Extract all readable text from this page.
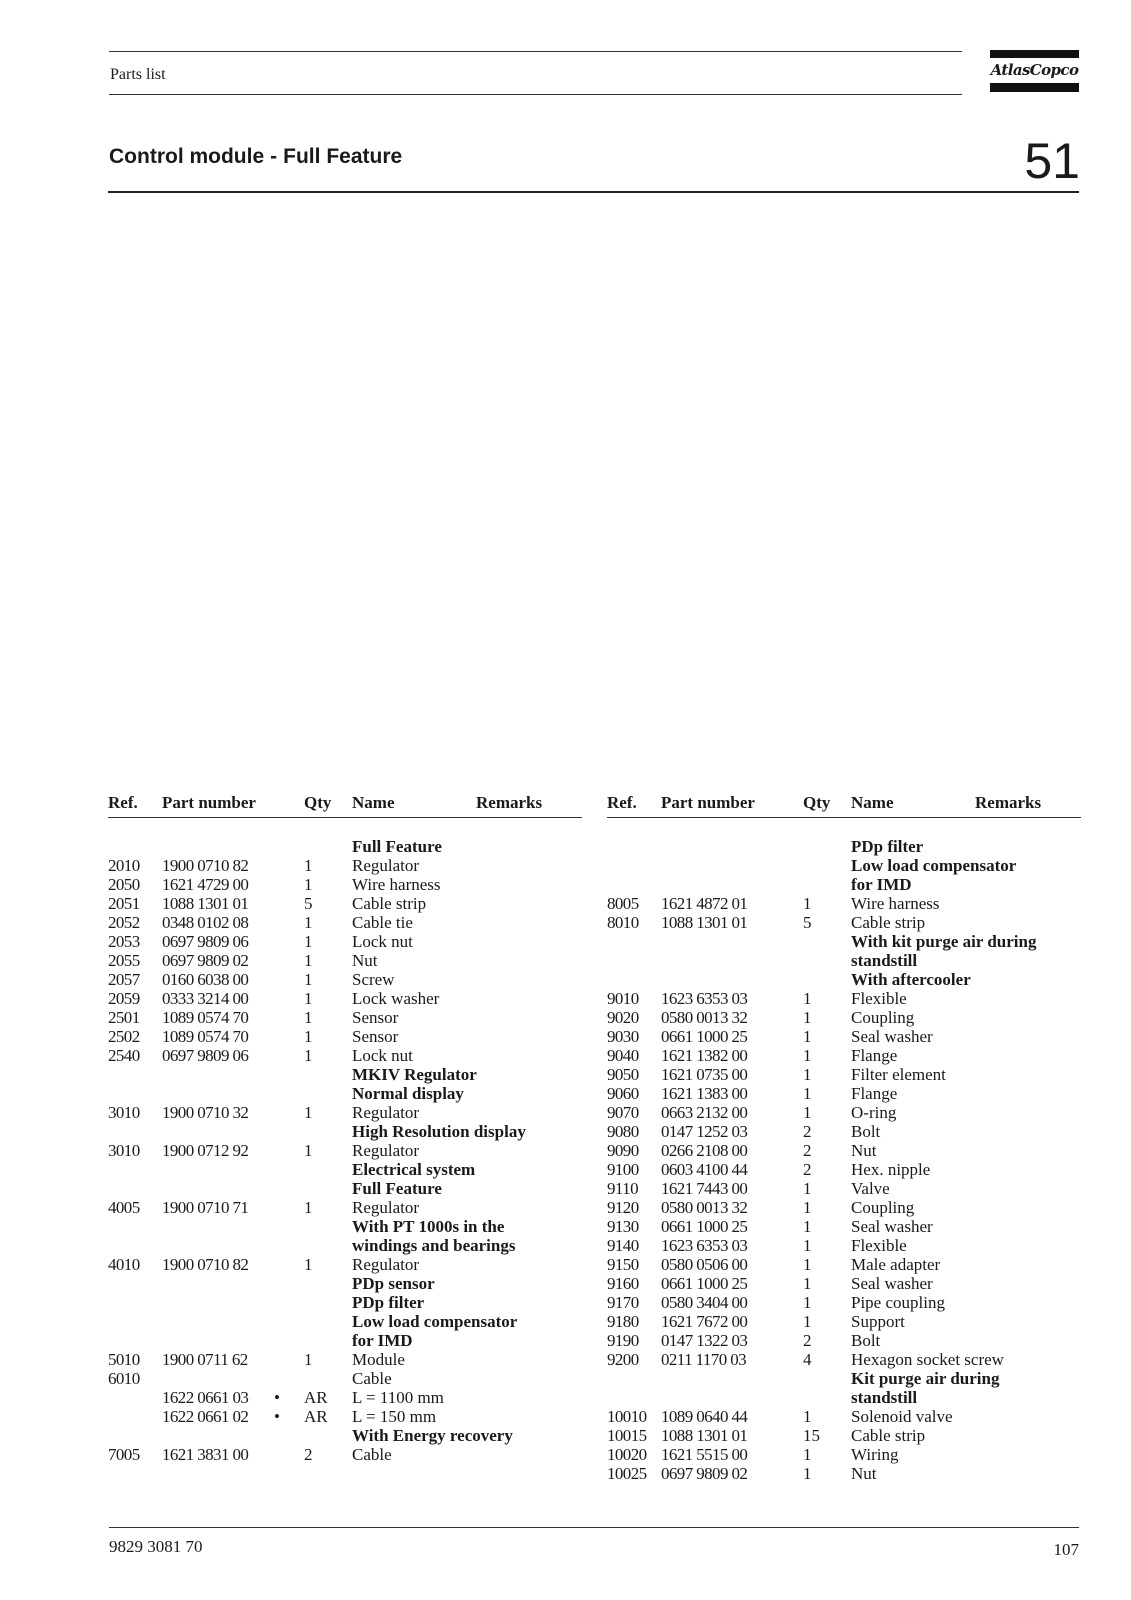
Parts list	AtlasCopco
Control module - Full Feature	51
Ref. Part number	Qty Name	Remarks
Full Feature
2010 1900 0710 82	1 Regulator
2050 1621 4729 00	1 Wire harness
2051 1088 1301 01	5 Cable strip
2052 0348 0102 08	1 Cable tie
2053 0697 9809 06	1 Lock nut
2055 0697 9809 02	1 Nut
2057 0160 6038 00	1 Screw
2059 0333 3214 00	1 Lock washer
2501 1089 0574 70	1 Sensor
2502 1089 0574 70	1 Sensor
2540 0697 9809 06	1 Lock nut
MKIV Regulator
Normal display
3010 1900 0710 32	1 Regulator
High Resolution display
3010 1900 0712 92	1 Regulator
Electrical system
Full Feature
4005 1900 0710 71	1 Regulator
With PT 1000s in the
windings and bearings
4010 1900 0710 82	1 Regulator
PDp sensor
PDp filter
Low load compensator
for IMD
5010 1900 0711 62	1 Module
6010	Cable
1622 0661 03 • AR L = 1100 mm
1622 0661 02 • AR L = 150 mm
With Energy recovery
7005 1621 3831 00	2 Cable
Ref. Part number	Qty Name	Remarks
PDp filter
Low load compensator
for IMD
8005 1621 4872 01	1 Wire harness
8010 1088 1301 01	5 Cable strip
With kit purge air during
standstill
With aftercooler
9010 1623 6353 03	1 Flexible
9020 0580 0013 32	1 Coupling
9030 0661 1000 25	1 Seal washer
9040 1621 1382 00	1 Flange
9050 1621 0735 00	1 Filter element
9060 1621 1383 00	1 Flange
9070 0663 2132 00	1 O-ring
9080 0147 1252 03	2 Bolt
9090 0266 2108 00	2 Nut
9100 0603 4100 44	2 Hex. nipple
9110 1621 7443 00	1 Valve
9120 0580 0013 32	1 Coupling
9130 0661 1000 25	1 Seal washer
9140 1623 6353 03	1 Flexible
9150 0580 0506 00	1 Male adapter
9160 0661 1000 25	1 Seal washer
9170 0580 3404 00	1 Pipe coupling
9180 1621 7672 00	1 Support
9190 0147 1322 03	2 Bolt
9200 0211 1170 03	4 Hexagon socket screw
Kit purge air during
standstill
10010 1089 0640 44	1 Solenoid valve
10015 1088 1301 01	15 Cable strip
10020 1621 5515 00	1 Wiring
10025 0697 9809 02	1 Nut
9829 3081 70	107
